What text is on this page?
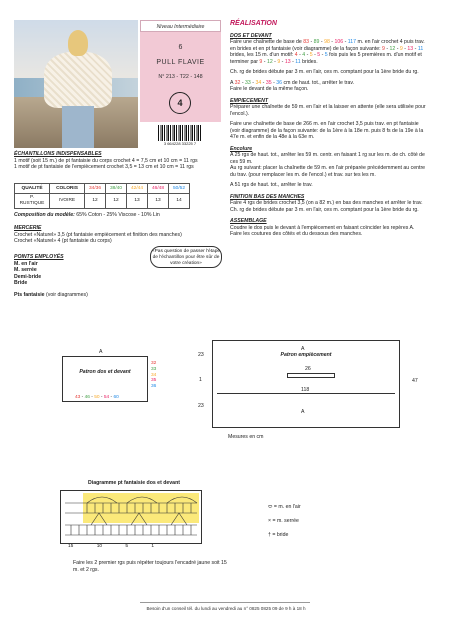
Niveau Intermédiaire
6
PULL FLAVIE
N° 213 - T22 - 148
4
3 664228 33225 7
ÉCHANTILLONS INDISPENSABLES
1 motif (soit 15 m.) de pt fantaisie du corps crochet 4 = 7,5 cm et 10 cm = 11 rgs
1 motif de pt fantaisie de l'empiècement crochet 3,5 = 13 cm et 10 cm = 11 rgs
QUALITÉ	COLORIS	34/36	38/40	42/44	46/48	50/52
P. RUSTIQUE	IVOIRE	12	12	13	13	14
Composition du modèle: 65% Coton - 25% Viscose - 10% Lin
MERCERIE
Crochet «Naturel» 3,5 (pt fantaisie empiècement et finition des manches)
Crochet «Naturel» 4 (pt fantaisie du corps)
«Pas question de passer l'étape de l'échantillon pour être sûr de votre création»
POINTS EMPLOYÉS
M. en l'air
M. serrée
Demi-bride
Bride
Pts fantaisie (voir diagrammes)
RÉALISATION
DOS ET DEVANT
Faire une chaînette de base de 83 - 89 - 98 - 106 - 117 m. en l'air crochet 4 puis trav. en brides et en pt fantaisie (voir diagramme) de la façon suivante: 9 - 12 - 9 - 13 - 11 brides, les 15 m. d'un motif: 4 - 4 - 5 - 5 - 5 fois puis les 5 premières m. d'un motif et terminer par 9 - 12 - 9 - 13 - 11 brides.
Ch. rg de brides débute par 3 m. en l'air, ces m. comptant pour la 1ère bride du rg.
A 32 - 33 - 34 - 35 - 36 cm de haut. tot., arrêter le trav.
Faire le devant de la même façon.
EMPIECEMENT
Préparer une chaînette de 59 m. en l'air et la laisser en attente (elle sera utilisée pour l'encol.).
Faire une chaînette de base de 266 m. en l'air crochet 3,5 puis trav. en pt fantaisie (voir diagramme) de la façon suivante: de la 1ère à la 18e m. puis 8 fs de la 19e à la 47e m. et enfin de la 48e à la 63e m.
Encolure
A 25 rgs de haut. tot., arrêter les 59 m. centr. en faisant 1 rg sur les m. de ch. côté de ces 59 m.
Au rg suivant: placer la chaînette de 59 m. en l'air préparée précédemment au centre du trav. (pour remplacer les m. de l'encol.) et trav. sur tes les m.
A 51 rgs de haut. tot., arrêter le trav.
FINITION BAS DES MANCHES
Faire 4 rgs de brides crochet 3,5 (on a 82 m.) en bas des manches et arrêter le trav.
Ch. rg de brides débute par 3 m. en l'air, ces m. comptant pour la 1ère bride du rg.
ASSEMBLAGE
Coudre le dos puis le devant à l'empiècement en faisant coïncider les repères A.
Faire les coutures des côtés et du dessous des manches.
A
Patron dos et devant
32
33
34
35
36
43 - 46 - 50 - 54 - 60
A
Patron empiècement
26
118
A
23
1
23
47
Mesures en cm
Diagramme pt fantaisie dos et devant
15	10	5	1
Faire les 2 premier rgs puis répéter toujours l'encadré jaune soit 15 m. et 2 rgs.
⬭ = m. en l'air
× = m. serrée
† = bride
Besoin d'un conseil tél. du lundi au vendredi au n° 0825 0825 09 de 9 h à 18 h
